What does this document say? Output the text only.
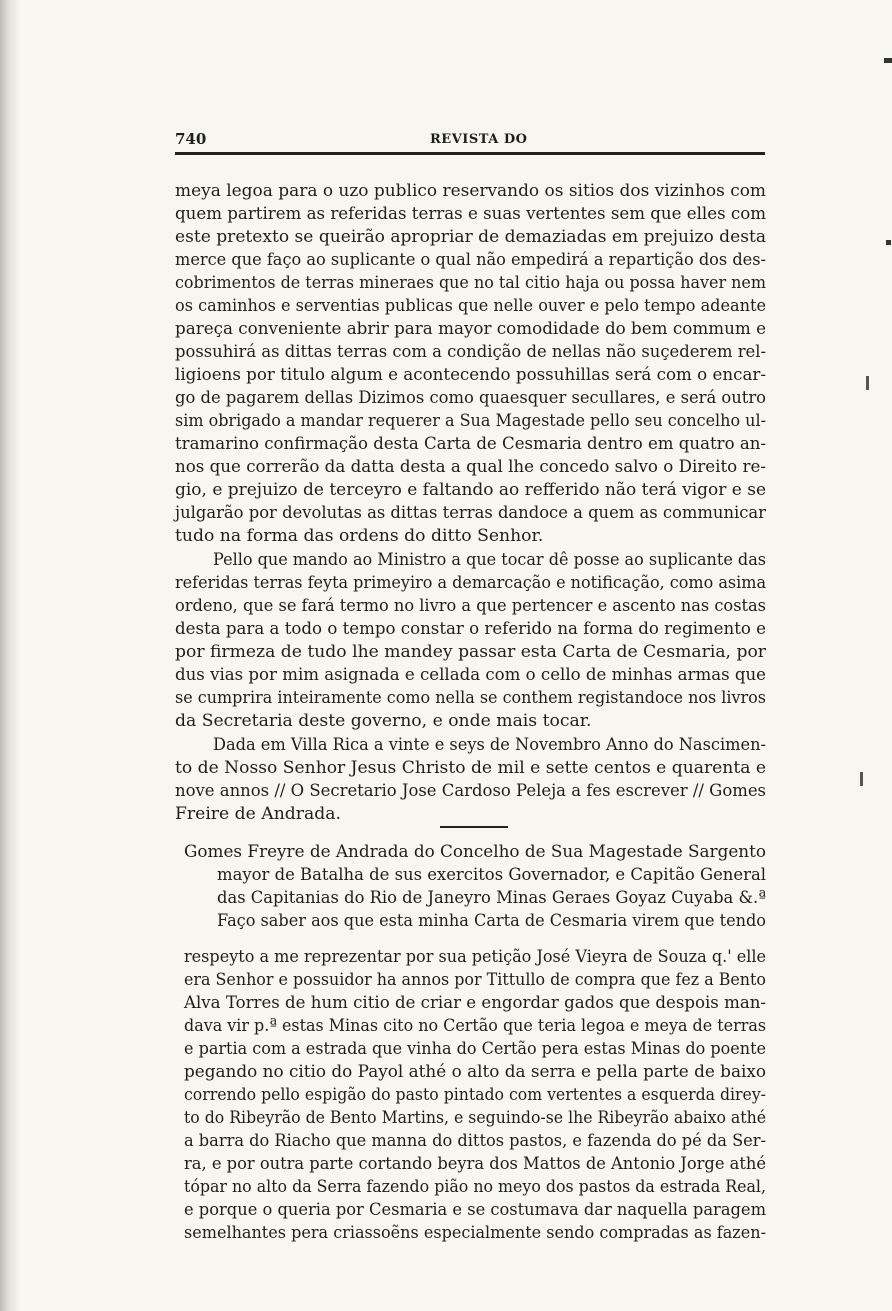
740	REVISTA DO
meya legoa para o uzo publico reservando os sitios dos vizinhos com
quem partirem as referidas terras e suas vertentes sem que elles com
este pretexto se queirão apropriar de demaziadas em prejuizo desta
merce que faço ao suplicante o qual não empedirá a repartição dos des-
cobrimentos de terras mineraes que no tal citio haja ou possa haver nem
os caminhos e serventias publicas que nelle ouver e pelo tempo adeante
pareça conveniente abrir para mayor comodidade do bem commum e
possuhirá as dittas terras com a condição de nellas não suçederem rel-
ligioens por titulo algum e acontecendo possuhillas será com o encar-
go de pagarem dellas Dizimos como quaesquer secullares, e será outro
sim obrigado a mandar requerer a Sua Magestade pello seu concelho ul-
tramarino confirmação desta Carta de Cesmaria dentro em quatro an-
nos que correrão da datta desta a qual lhe concedo salvo o Direito re-
gio, e prejuizo de terceyro e faltando ao refferido não terá vigor e se
julgarão por devolutas as dittas terras dandoce a quem as communicar
tudo na forma das ordens do ditto Senhor.
Pello que mando ao Ministro a que tocar dê posse ao suplicante das
referidas terras feyta primeyiro a demarcação e notificação, como asima
ordeno, que se fará termo no livro a que pertencer e ascento nas costas
desta para a todo o tempo constar o referido na forma do regimento e
por firmeza de tudo lhe mandey passar esta Carta de Cesmaria, por
dus vias por mim asignada e cellada com o cello de minhas armas que
se cumprira inteiramente como nella se conthem registandoce nos livros
da Secretaria deste governo, e onde mais tocar.
Dada em Villa Rica a vinte e seys de Novembro Anno do Nascimen-
to de Nosso Senhor Jesus Christo de mil e sette centos e quarenta e
nove annos // O Secretario Jose Cardoso Peleja a fes escrever // Gomes
Freire de Andrada.
Gomes Freyre de Andrada do Concelho de Sua Magestade Sargento
mayor de Batalha de sus exercitos Governador, e Capitão General
das Capitanias do Rio de Janeyro Minas Geraes Goyaz Cuyaba &.ª
Faço saber aos que esta minha Carta de Cesmaria virem que tendo
respeyto a me reprezentar por sua petição José Vieyra de Souza q.' elle
era Senhor e possuidor ha annos por Tittullo de compra que fez a Bento
Alva Torres de hum citio de criar e engordar gados que despois man-
dava vir p.ª estas Minas cito no Certão que teria legoa e meya de terras
e partia com a estrada que vinha do Certão pera estas Minas do poente
pegando no citio do Payol athé o alto da serra e pella parte de baixo
correndo pello espigão do pasto pintado com vertentes a esquerda direy-
to do Ribeyrão de Bento Martins, e seguindo-se lhe Ribeyrão abaixo athé
a barra do Riacho que manna do dittos pastos, e fazenda do pé da Ser-
ra, e por outra parte cortando beyra dos Mattos de Antonio Jorge athé
tópar no alto da Serra fazendo pião no meyo dos pastos da estrada Real,
e porque o queria por Cesmaria e se costumava dar naquella paragem
semelhantes pera criassoẽns especialmente sendo compradas as fazen-
